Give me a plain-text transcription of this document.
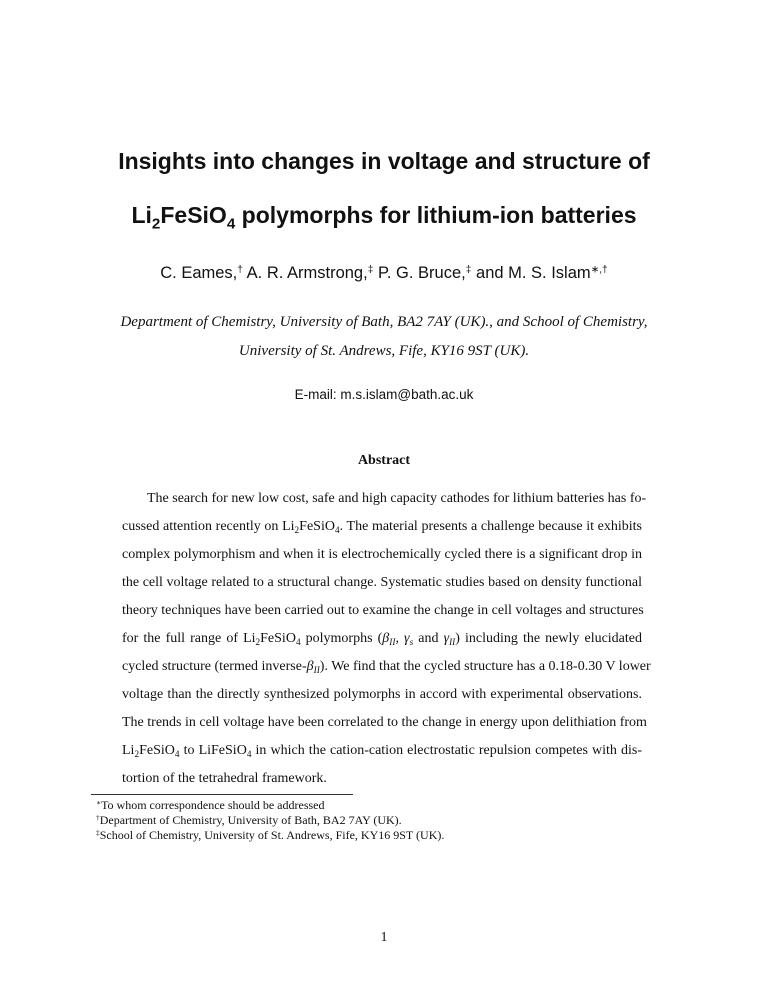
Insights into changes in voltage and structure of
$Li_2FeSiO_4$ polymorphs for lithium-ion batteries
C. Eames,† A. R. Armstrong,‡ P. G. Bruce,‡ and M. S. Islam∗,†
Department of Chemistry, University of Bath, BA2 7AY (UK)., and School of Chemistry,
University of St. Andrews, Fife, KY16 9ST (UK).
E-mail: m.s.islam@bath.ac.uk
Abstract
The search for new low cost, safe and high capacity cathodes for lithium batteries has fo-
cussed attention recently on $Li_2FeSiO_4$. The material presents a challenge because it exhibits
complex polymorphism and when it is electrochemically cycled there is a significant drop in
the cell voltage related to a structural change. Systematic studies based on density functional
theory techniques have been carried out to examine the change in cell voltages and structures
for the full range of $Li_2FeSiO_4$ polymorphs ($\beta_{II}$, $\gamma_s$ and $\gamma_{II}$) including the newly elucidated
cycled structure (termed inverse-$\beta_{II}$). We find that the cycled structure has a 0.18-0.30 V lower
voltage than the directly synthesized polymorphs in accord with experimental observations.
The trends in cell voltage have been correlated to the change in energy upon delithiation from
$Li_2FeSiO_4$ to LiFeSiO$_4$ in which the cation-cation electrostatic repulsion competes with dis-
tortion of the tetrahedral framework.
∗To whom correspondence should be addressed
†Department of Chemistry, University of Bath, BA2 7AY (UK).
‡School of Chemistry, University of St. Andrews, Fife, KY16 9ST (UK).
1
